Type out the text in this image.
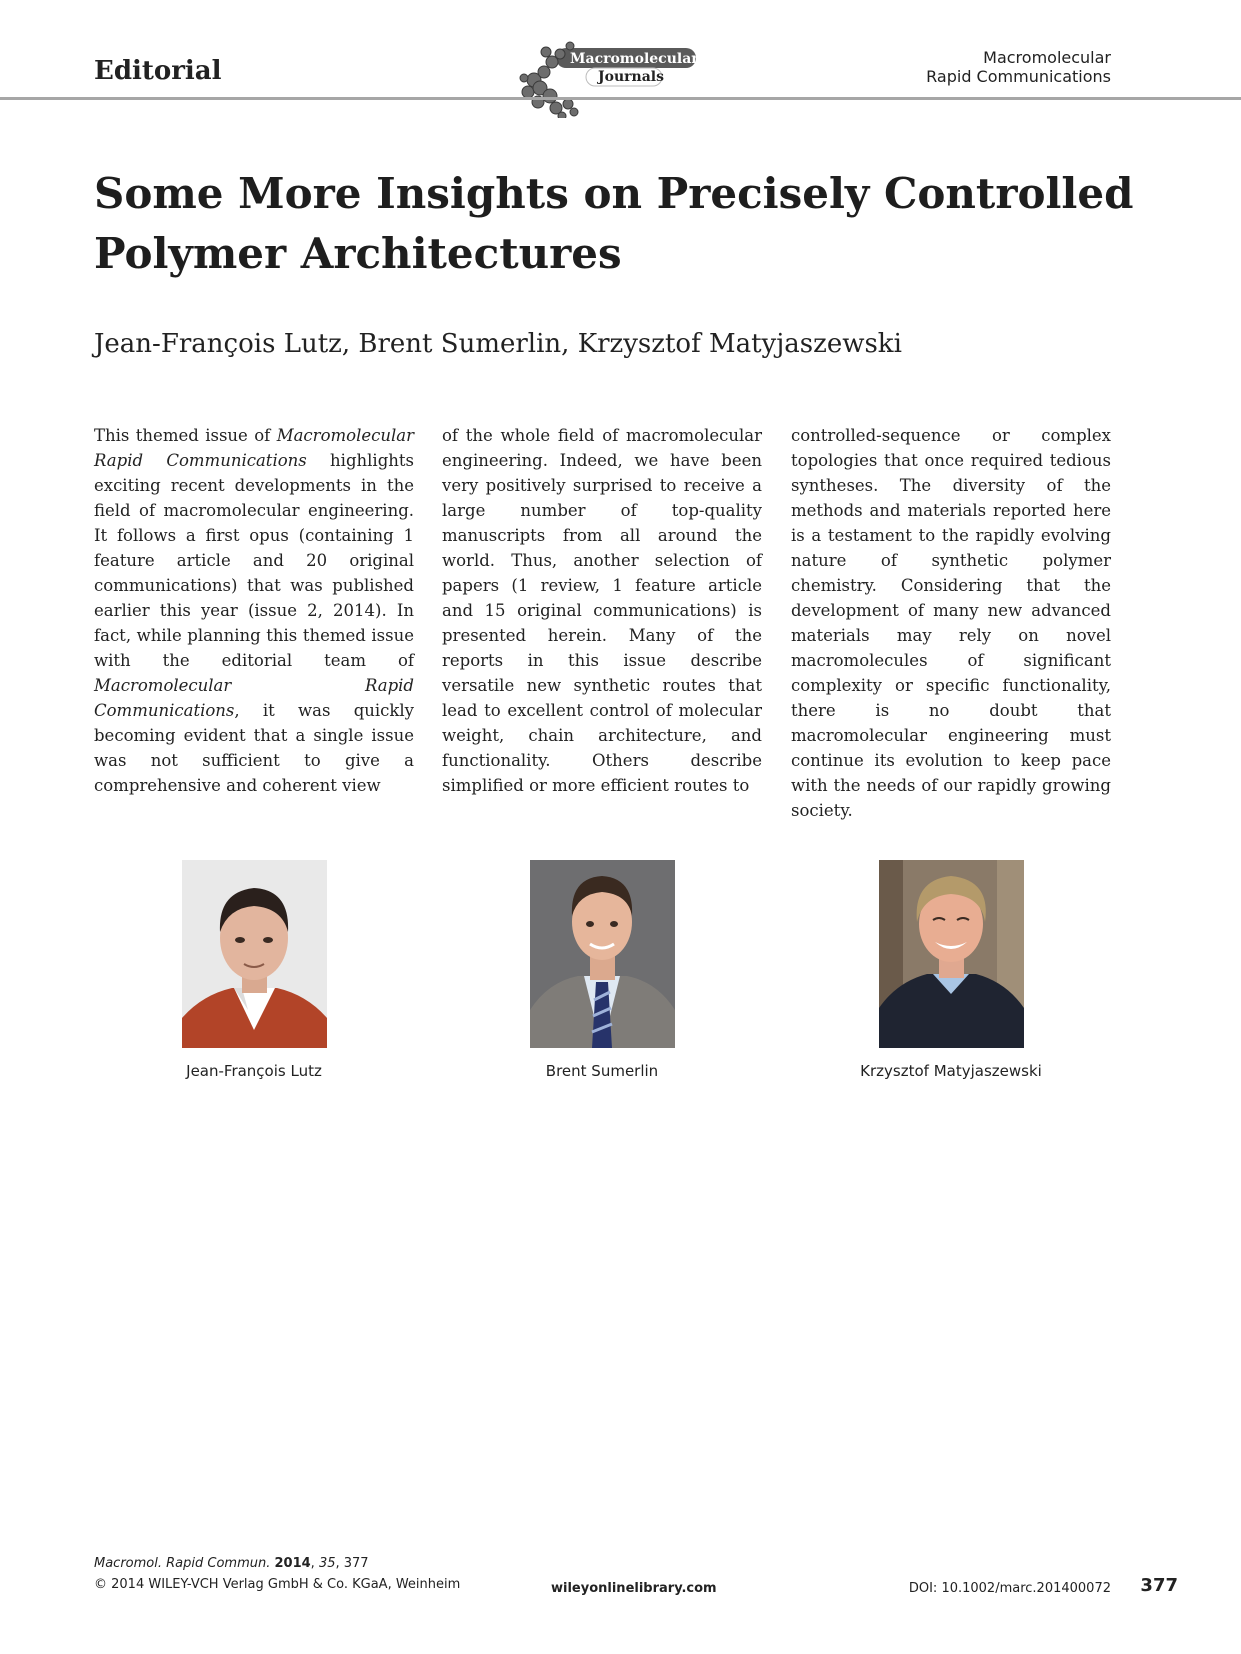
Editorial	Macromolecular
Journals
Macromolecular
Rapid Communications
Some More Insights on Precisely Controlled
Polymer Architectures
Jean-François Lutz, Brent Sumerlin, Krzysztof Matyjaszewski
This themed issue of Macromolecular Rapid Communications highlights exciting recent developments in the field of macromolecular engineering. It follows a first opus (containing 1 feature article and 20 original communications) that was published earlier this year (issue 2, 2014). In fact, while planning this themed issue with the editorial team of Macromolecular Rapid Communications, it was quickly becoming evident that a single issue was not sufficient to give a comprehensive and coherent view
of the whole field of macromolecular engineering. Indeed, we have been very positively surprised to receive a large number of top-quality manuscripts from all around the world. Thus, another selection of papers (1 review, 1 feature article and 15 original communications) is presented herein. Many of the reports in this issue describe versatile new synthetic routes that lead to excellent control of molecular weight, chain architecture, and functionality. Others describe simplified or more efficient routes to
controlled-sequence or complex topologies that once required tedious syntheses. The diversity of the methods and materials reported here is a testament to the rapidly evolving nature of synthetic polymer chemistry. Considering that the development of many new advanced materials may rely on novel macromolecules of significant complexity or specific functionality, there is no doubt that macromolecular engineering must continue its evolution to keep pace with the needs of our rapidly growing society.
Jean-François Lutz	Brent Sumerlin	Krzysztof Matyjaszewski
Macromol. Rapid Commun. 2014, 35, 377
© 2014 WILEY-VCH Verlag GmbH & Co. KGaA, Weinheim	wileyonlinelibrary.com	DOI: 10.1002/marc.201400072 377
